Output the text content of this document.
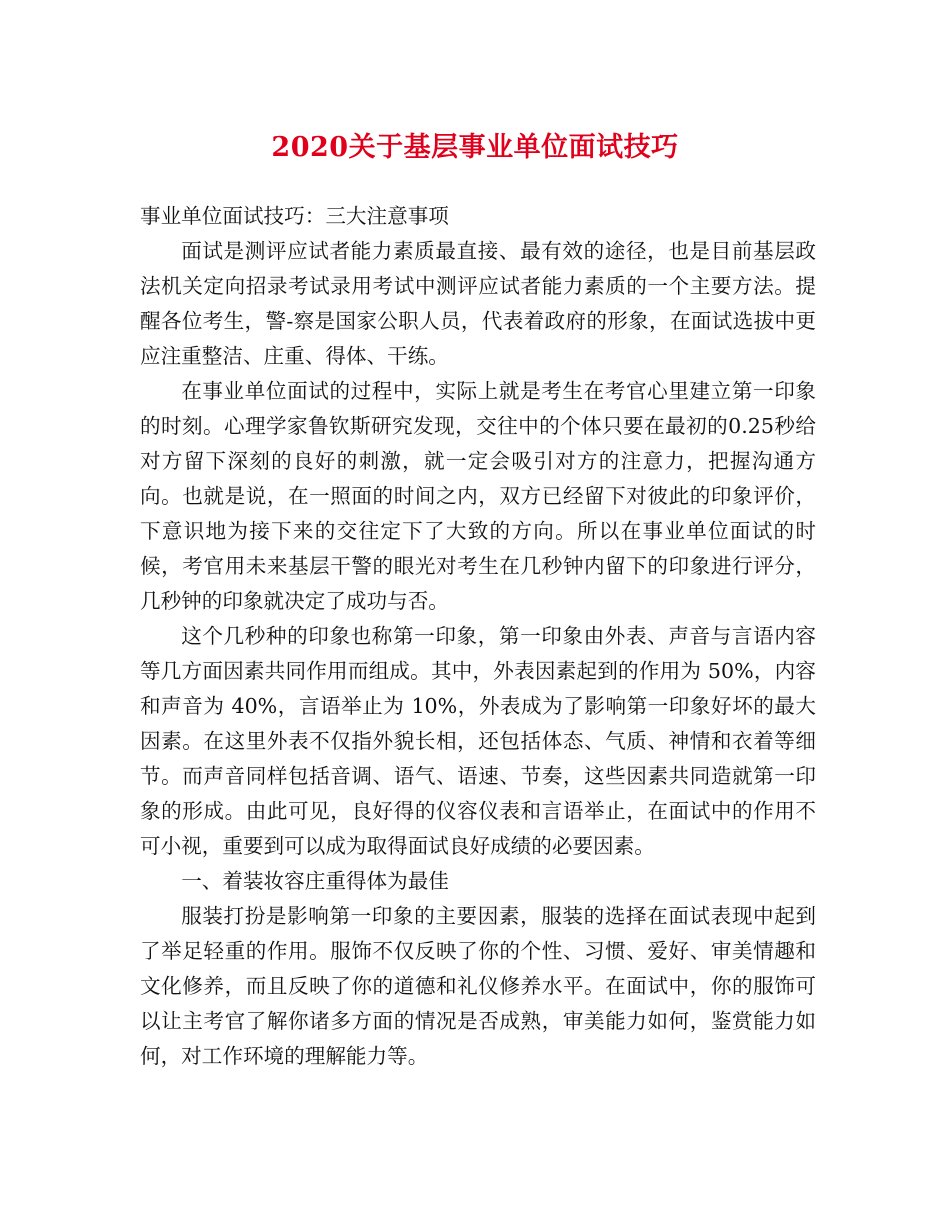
2020关于基层事业单位面试技巧

事业单位面试技巧：三大注意事项

面试是测评应试者能力素质最直接、最有效的途径，也是目前基层政法机关定向招录考试录用考试中测评应试者能力素质的一个主要方法。提醒各位考生，警-察是国家公职人员，代表着政府的形象，在面试选拔中更应注重整洁、庄重、得体、干练。

在事业单位面试的过程中，实际上就是考生在考官心里建立第一印象的时刻。心理学家鲁钦斯研究发现，交往中的个体只要在最初的0.25秒给对方留下深刻的良好的刺激，就一定会吸引对方的注意力，把握沟通方向。也就是说，在一照面的时间之内，双方已经留下对彼此的印象评价，下意识地为接下来的交往定下了大致的方向。所以在事业单位面试的时候，考官用未来基层干警的眼光对考生在几秒钟内留下的印象进行评分，几秒钟的印象就决定了成功与否。

这个几秒种的印象也称第一印象，第一印象由外表、声音与言语内容等几方面因素共同作用而组成。其中，外表因素起到的作用为 50%，内容和声音为 40%，言语举止为 10%，外表成为了影响第一印象好坏的最大因素。在这里外表不仅指外貌长相，还包括体态、气质、神情和衣着等细节。而声音同样包括音调、语气、语速、节奏，这些因素共同造就第一印象的形成。由此可见，良好得的仪容仪表和言语举止，在面试中的作用不可小视，重要到可以成为取得面试良好成绩的必要因素。

一、着装妆容庄重得体为最佳

服装打扮是影响第一印象的主要因素，服装的选择在面试表现中起到了举足轻重的作用。服饰不仅反映了你的个性、习惯、爱好、审美情趣和文化修养，而且反映了你的道德和礼仪修养水平。在面试中，你的服饰可以让主考官了解你诸多方面的情况是否成熟，审美能力如何，鉴赏能力如何，对工作环境的理解能力等。
